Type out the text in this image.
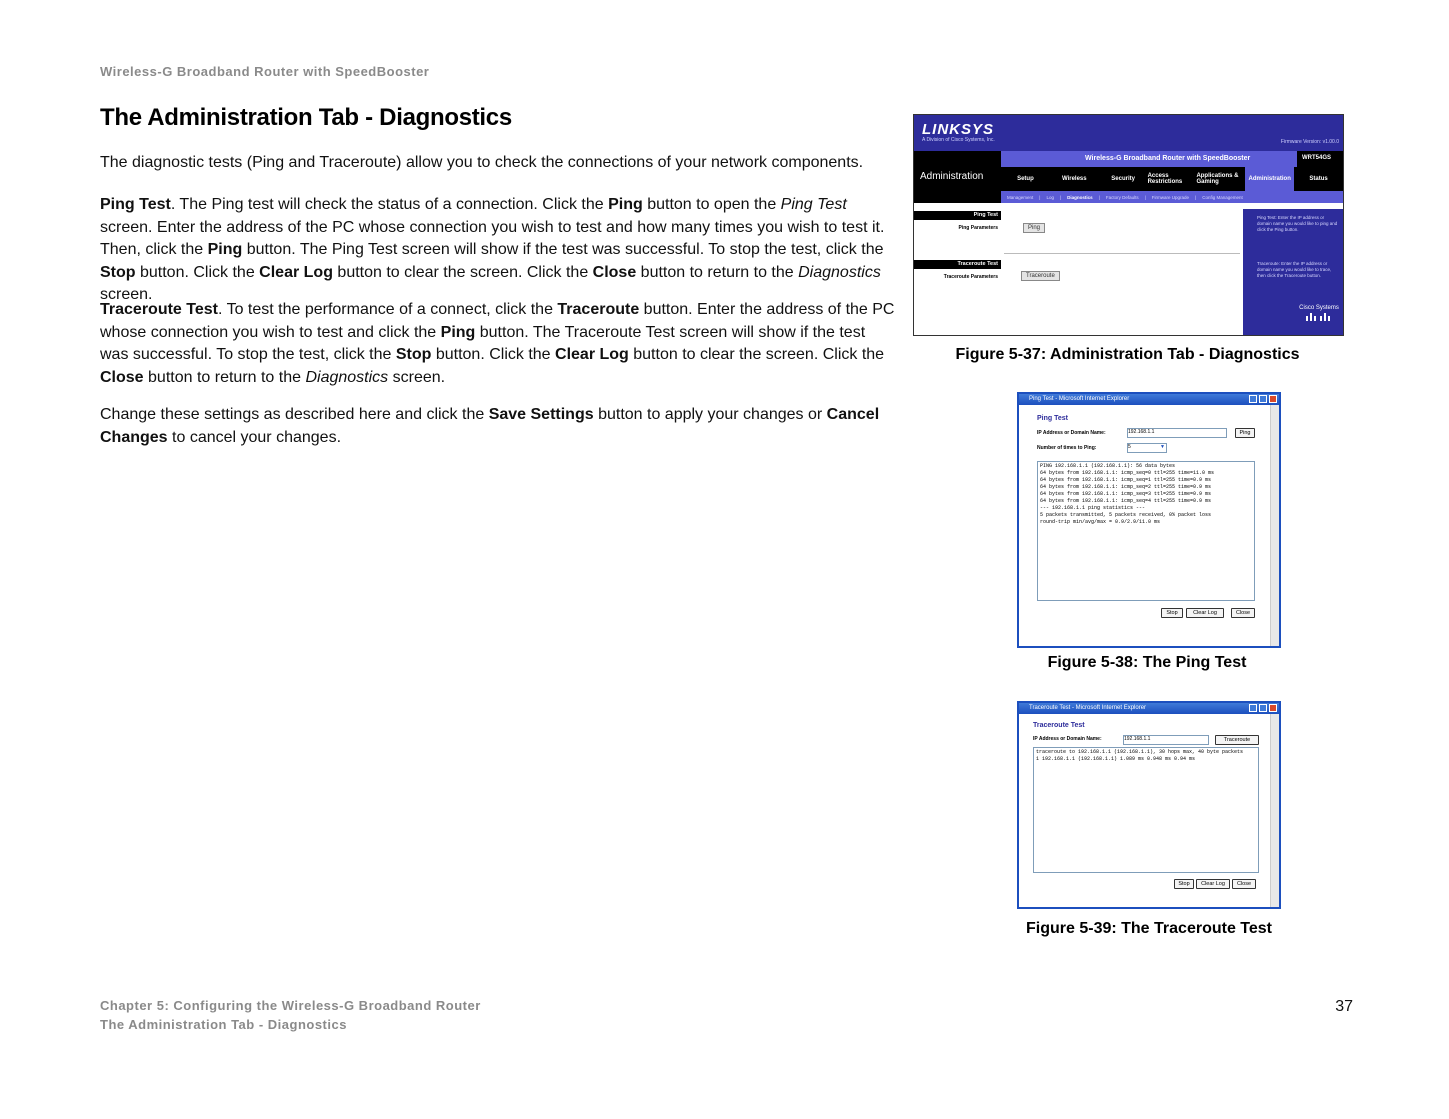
Wireless-G Broadband Router with SpeedBooster
The Administration Tab - Diagnostics

The diagnostic tests (Ping and Traceroute) allow you to check the connections of your network components.

Ping Test. The Ping test will check the status of a connection. Click the Ping button to open the Ping Test screen. Enter the address of the PC whose connection you wish to test and how many times you wish to test it. Then, click the Ping button. The Ping Test screen will show if the test was successful. To stop the test, click the Stop button. Click the Clear Log button to clear the screen. Click the Close button to return to the Diagnostics screen.

Traceroute Test. To test the performance of a connect, click the Traceroute button. Enter the address of the PC whose connection you wish to test and click the Ping button. The Traceroute Test screen will show if the test was successful. To stop the test, click the Stop button. Click the Clear Log button to clear the screen. Click the Close button to return to the Diagnostics screen.

Change these settings as described here and click the Save Settings button to apply your changes or Cancel Changes to cancel your changes.

LINKSYS
A Division of Cisco Systems, Inc.	Firmware Version: v1.00.0
Administration
Wireless-G Broadband Router with SpeedBooster	WRT54GS
Setup	Wireless	Security	Access Restrictions
Applications & Gaming	Administration	Status
Management | Log | Diagnostics | Factory Defaults | Firmware Upgrade | Config Management
Ping Test
Ping Parameters	Ping
Traceroute Test
Traceroute Parameters	Traceroute
Ping Test: Enter the IP address or domain name you would like to ping and click the Ping button.
Traceroute: Enter the IP address or domain name you would like to trace, then click the Traceroute button.
Cisco Systems
Figure 5-37: Administration Tab - Diagnostics
Ping Test - Microsoft Internet Explorer
Ping Test
IP Address or Domain Name:	192.168.1.1	Ping
Number of times to Ping:	5	▼
PING 192.168.1.1 (192.168.1.1): 56 data bytes
64 bytes from 192.168.1.1: icmp_seq=0 ttl=255 time=11.0 ms
64 bytes from 192.168.1.1: icmp_seq=1 ttl=255 time=0.9 ms
64 bytes from 192.168.1.1: icmp_seq=2 ttl=255 time=0.9 ms
64 bytes from 192.168.1.1: icmp_seq=3 ttl=255 time=0.9 ms
64 bytes from 192.168.1.1: icmp_seq=4 ttl=255 time=0.9 ms
--- 192.168.1.1 ping statistics ---
5 packets transmitted, 5 packets received, 0% packet loss
round-trip min/avg/max = 0.9/2.9/11.0 ms
Stop	Clear Log	Close
Figure 5-38: The Ping Test
Traceroute Test - Microsoft Internet Explorer
Traceroute Test
IP Address or Domain Name:	192.168.1.1	Traceroute
traceroute to 192.168.1.1 (192.168.1.1), 30 hops max, 40 byte packets
1 192.168.1.1 (192.168.1.1) 1.089 ms 0.948 ms 0.94 ms
Stop	Clear Log	Close
Figure 5-39: The Traceroute Test
Chapter 5: Configuring the Wireless-G Broadband Router
The Administration Tab - Diagnostics
37
